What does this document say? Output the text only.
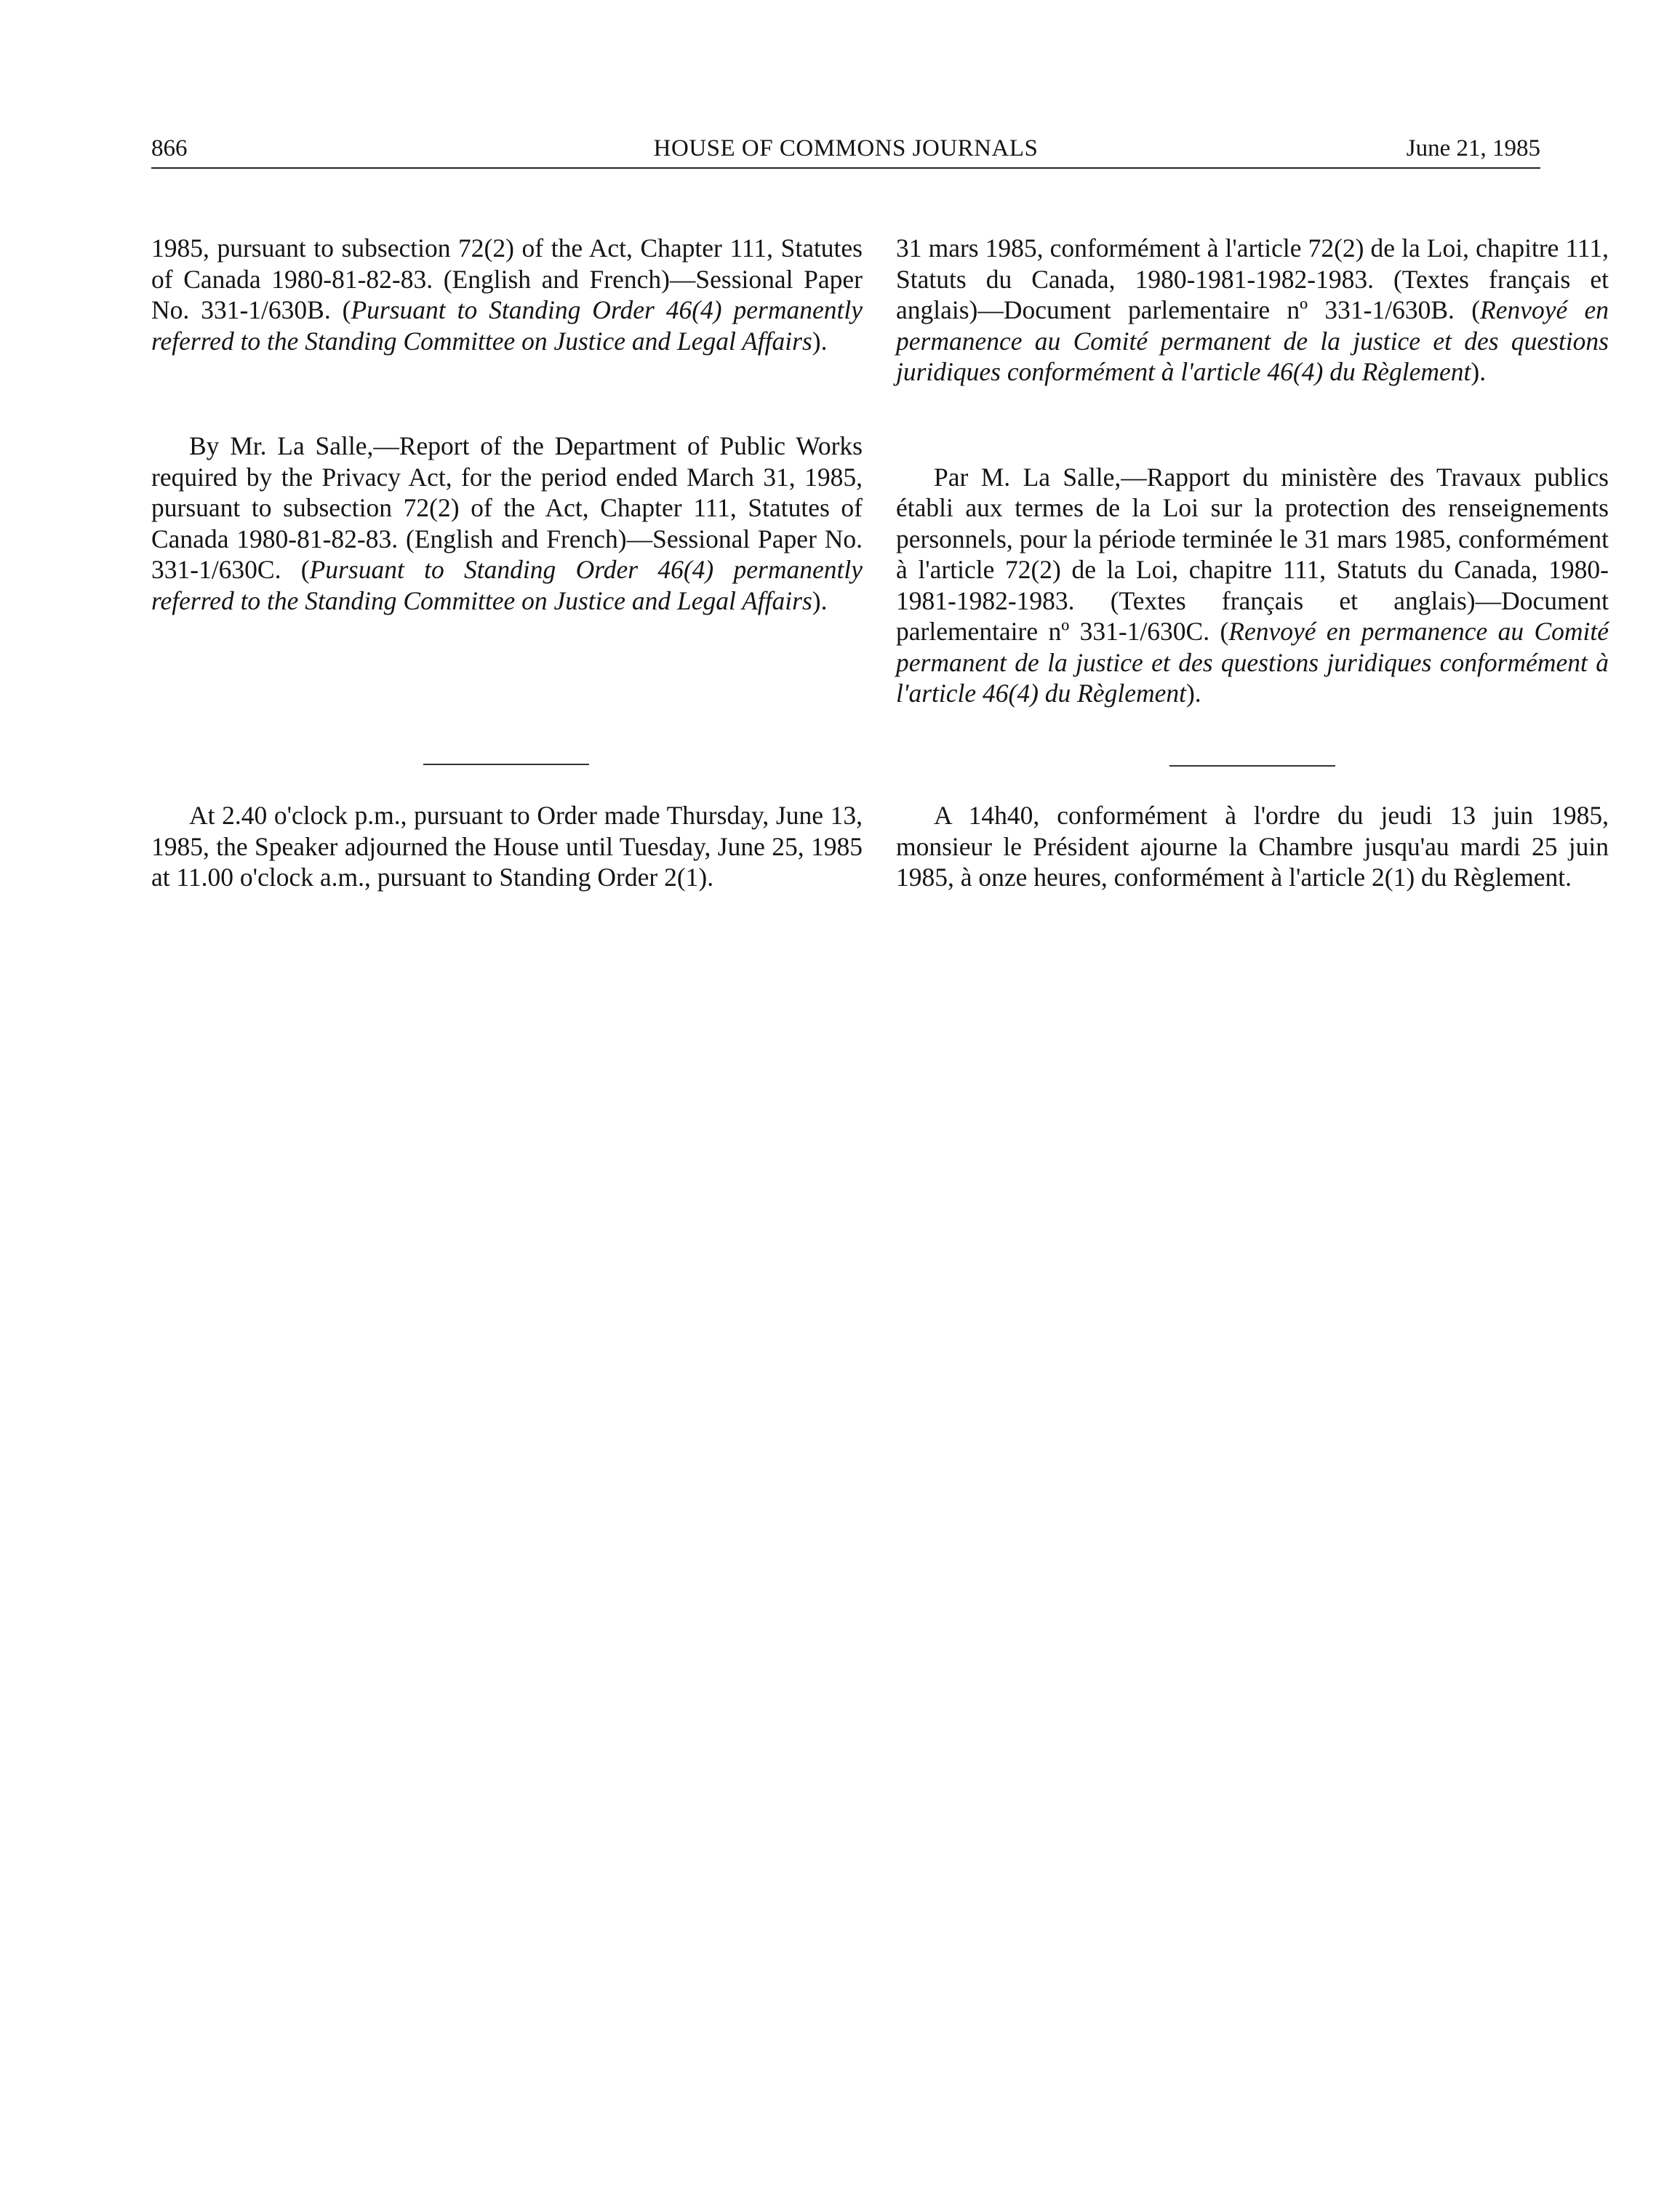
866	HOUSE OF COMMONS JOURNALS	June 21, 1985

1985, pursuant to subsection 72(2) of the Act, Chapter 111, Statutes of Canada 1980-81-82-83. (English and French)—Sessional Paper No. 331-1/630B. (Pursuant to Standing Order 46(4) permanently referred to the Standing Committee on Justice and Legal Affairs).

By Mr. La Salle,—Report of the Department of Public Works required by the Privacy Act, for the period ended March 31, 1985, pursuant to subsection 72(2) of the Act, Chapter 111, Statutes of Canada 1980-81-82-83. (English and French)—Sessional Paper No. 331-1/630C. (Pursuant to Standing Order 46(4) permanently referred to the Standing Committee on Justice and Legal Affairs).

31 mars 1985, conformément à l'article 72(2) de la Loi, chapitre 111, Statuts du Canada, 1980-1981-1982-1983. (Textes français et anglais)—Document parlementaire nº 331-1/630B. (Renvoyé en permanence au Comité permanent de la justice et des questions juridiques conformément à l'article 46(4) du Règlement).

Par M. La Salle,—Rapport du ministère des Travaux publics établi aux termes de la Loi sur la protection des renseignements personnels, pour la période terminée le 31 mars 1985, conformément à l'article 72(2) de la Loi, chapitre 111, Statuts du Canada, 1980-1981-1982-1983. (Textes français et anglais)—Document parlementaire nº 331-1/630C. (Renvoyé en permanence au Comité permanent de la justice et des questions juridiques conformément à l'article 46(4) du Règlement).

At 2.40 o'clock p.m., pursuant to Order made Thursday, June 13, 1985, the Speaker adjourned the House until Tuesday, June 25, 1985 at 11.00 o'clock a.m., pursuant to Standing Order 2(1).

A 14h40, conformément à l'ordre du jeudi 13 juin 1985, monsieur le Président ajourne la Chambre jusqu'au mardi 25 juin 1985, à onze heures, conformément à l'article 2(1) du Règlement.
